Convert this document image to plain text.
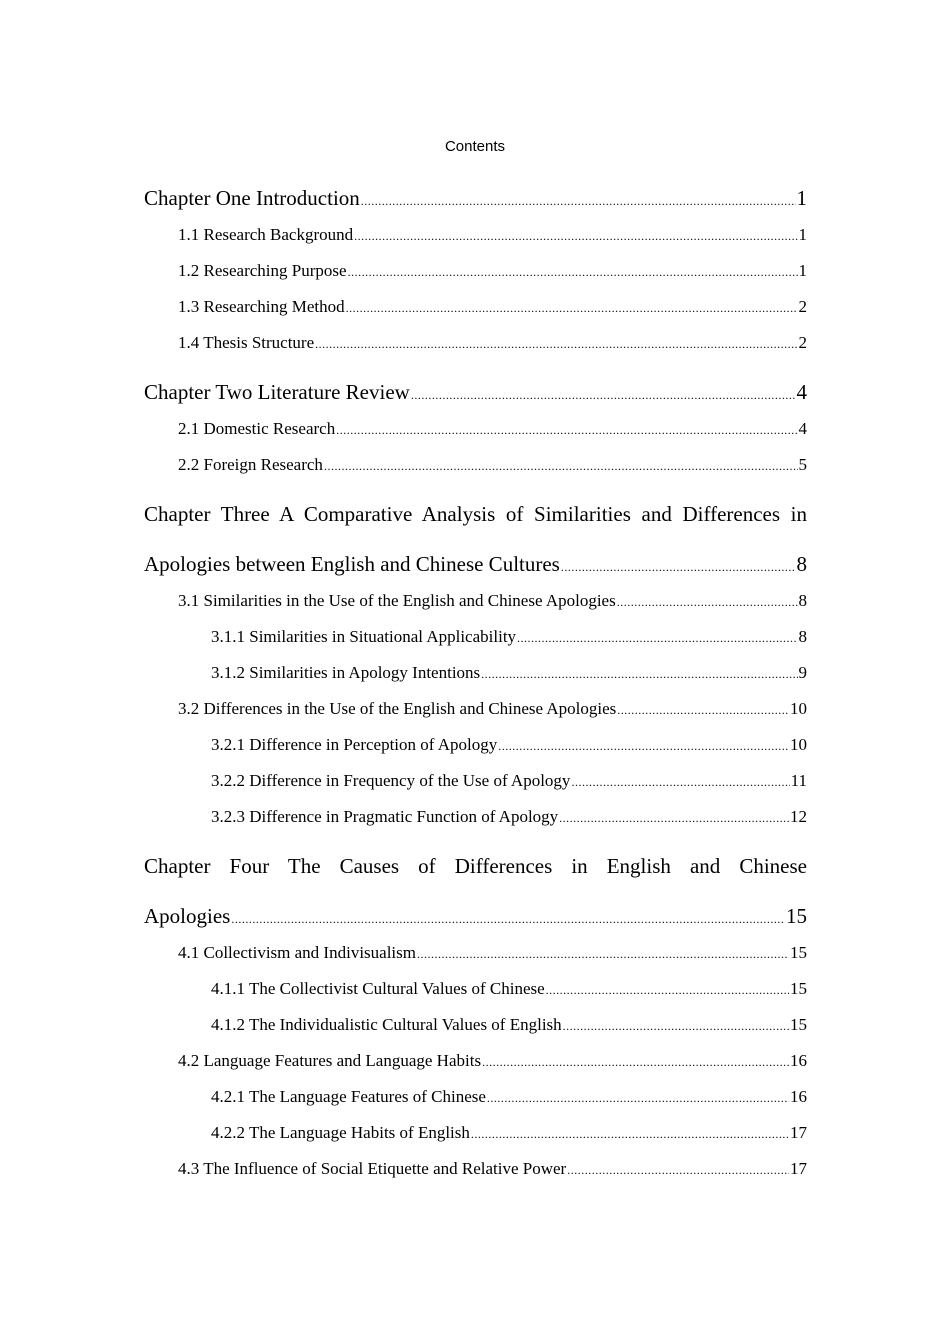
Contents
Chapter One Introduction .....	1
1.1 Research Background .....	1
1.2 Researching Purpose .....	1
1.3 Researching Method .....	2
1.4 Thesis Structure .....	2
Chapter Two Literature Review .....	4
2.1 Domestic Research .....	4
2.2 Foreign Research .....	5
Chapter Three A Comparative Analysis of Similarities and Differences in
Apologies between English and Chinese Cultures .....	8
3.1 Similarities in the Use of the English and Chinese Apologies .....	8
3.1.1 Similarities in Situational Applicability .....	8
3.1.2 Similarities in Apology Intentions .....	9
3.2 Differences in the Use of the English and Chinese Apologies .....	10
3.2.1 Difference in Perception of Apology .....	10
3.2.2 Difference in Frequency of the Use of Apology .....	11
3.2.3 Difference in Pragmatic Function of Apology .....	12
Chapter Four The Causes of Differences in English and Chinese
Apologies .....	15
4.1 Collectivism and Indivisualism .....	15
4.1.1 The Collectivist Cultural Values of Chinese .....	15
4.1.2 The Individualistic Cultural Values of English .....	15
4.2 Language Features and Language Habits .....	16
4.2.1 The Language Features of Chinese .....	16
4.2.2 The Language Habits of English .....	17
4.3 The Influence of Social Etiquette and Relative Power .....	17
